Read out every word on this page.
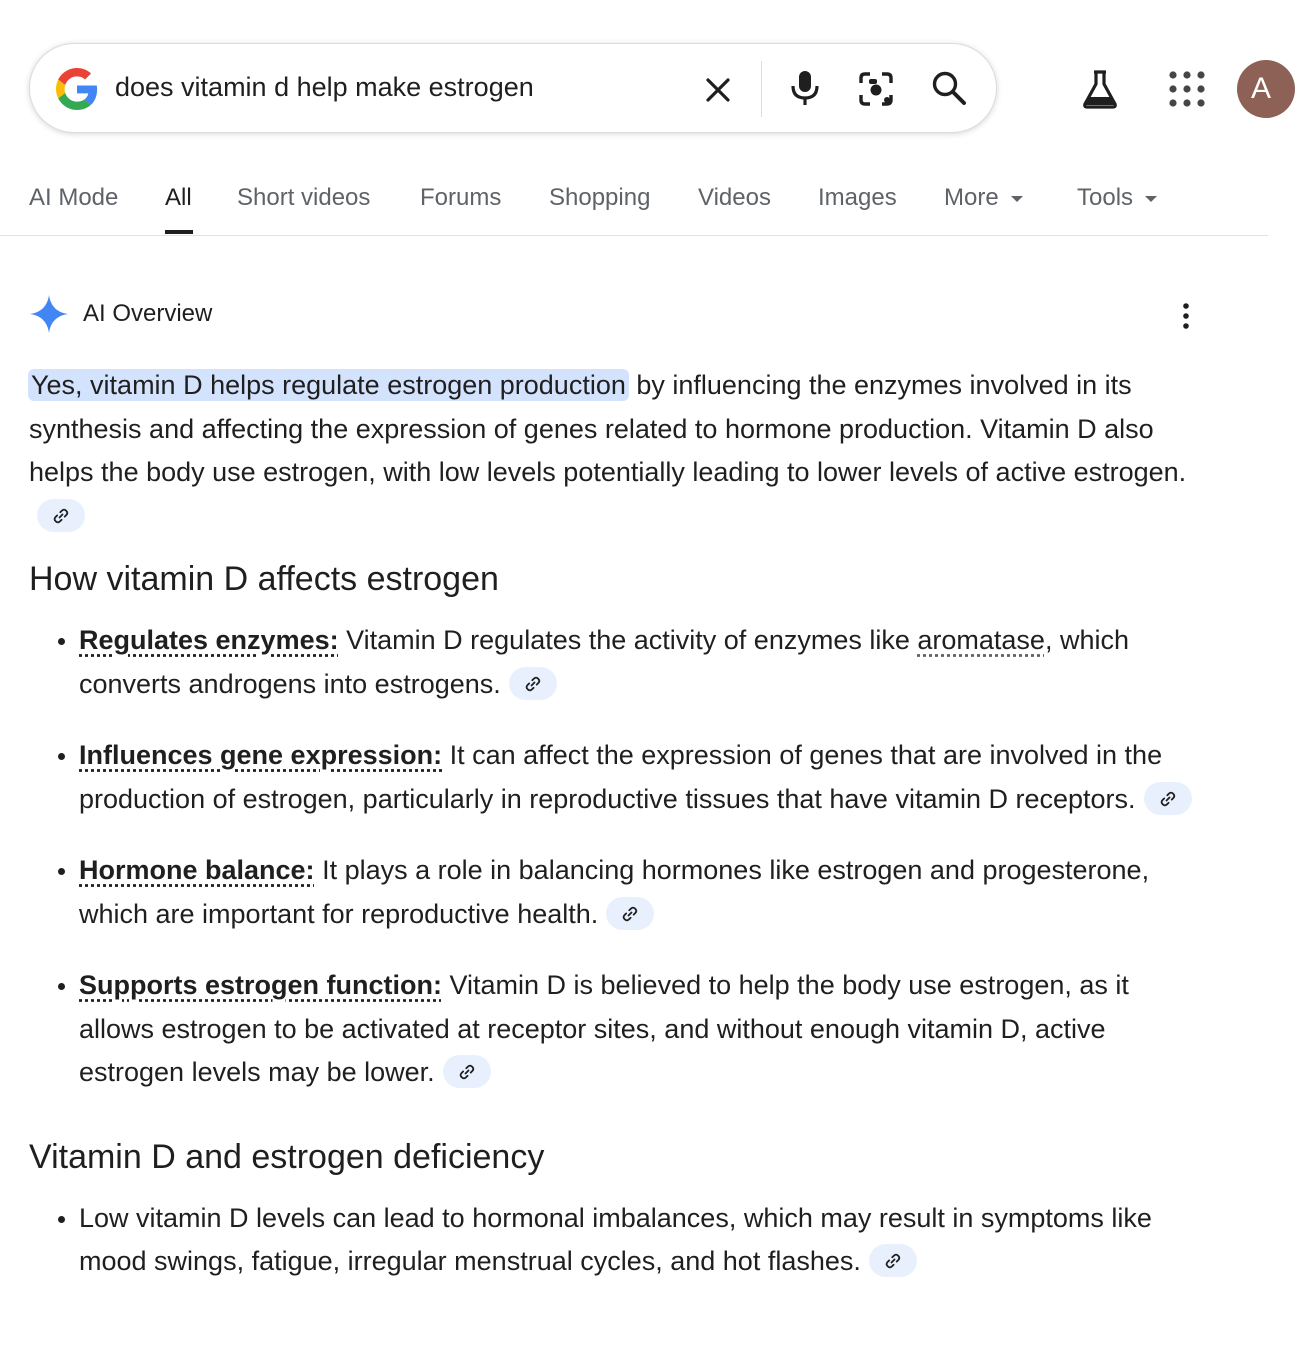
does vitamin d help make estrogen	A
AI Mode All Short videos Forums Shopping Videos Images More	Tools
AI Overview

Yes, vitamin D helps regulate estrogen production by influencing the enzymes involved in its synthesis and affecting the expression of genes related to hormone production. Vitamin D also helps the body use estrogen, with low levels potentially leading to lower levels of active estrogen.

How vitamin D affects estrogen
• Regulates enzymes: Vitamin D regulates the activity of enzymes like aromatase, which converts androgens into estrogens.
• Influences gene expression: It can affect the expression of genes that are involved in the production of estrogen, particularly in reproductive tissues that have vitamin D receptors.
• Hormone balance: It plays a role in balancing hormones like estrogen and progesterone, which are important for reproductive health.
• Supports estrogen function: Vitamin D is believed to help the body use estrogen, as it allows estrogen to be activated at receptor sites, and without enough vitamin D, active estrogen levels may be lower.
Vitamin D and estrogen deficiency
• Low vitamin D levels can lead to hormonal imbalances, which may result in symptoms like mood swings, fatigue, irregular menstrual cycles, and hot flashes.
